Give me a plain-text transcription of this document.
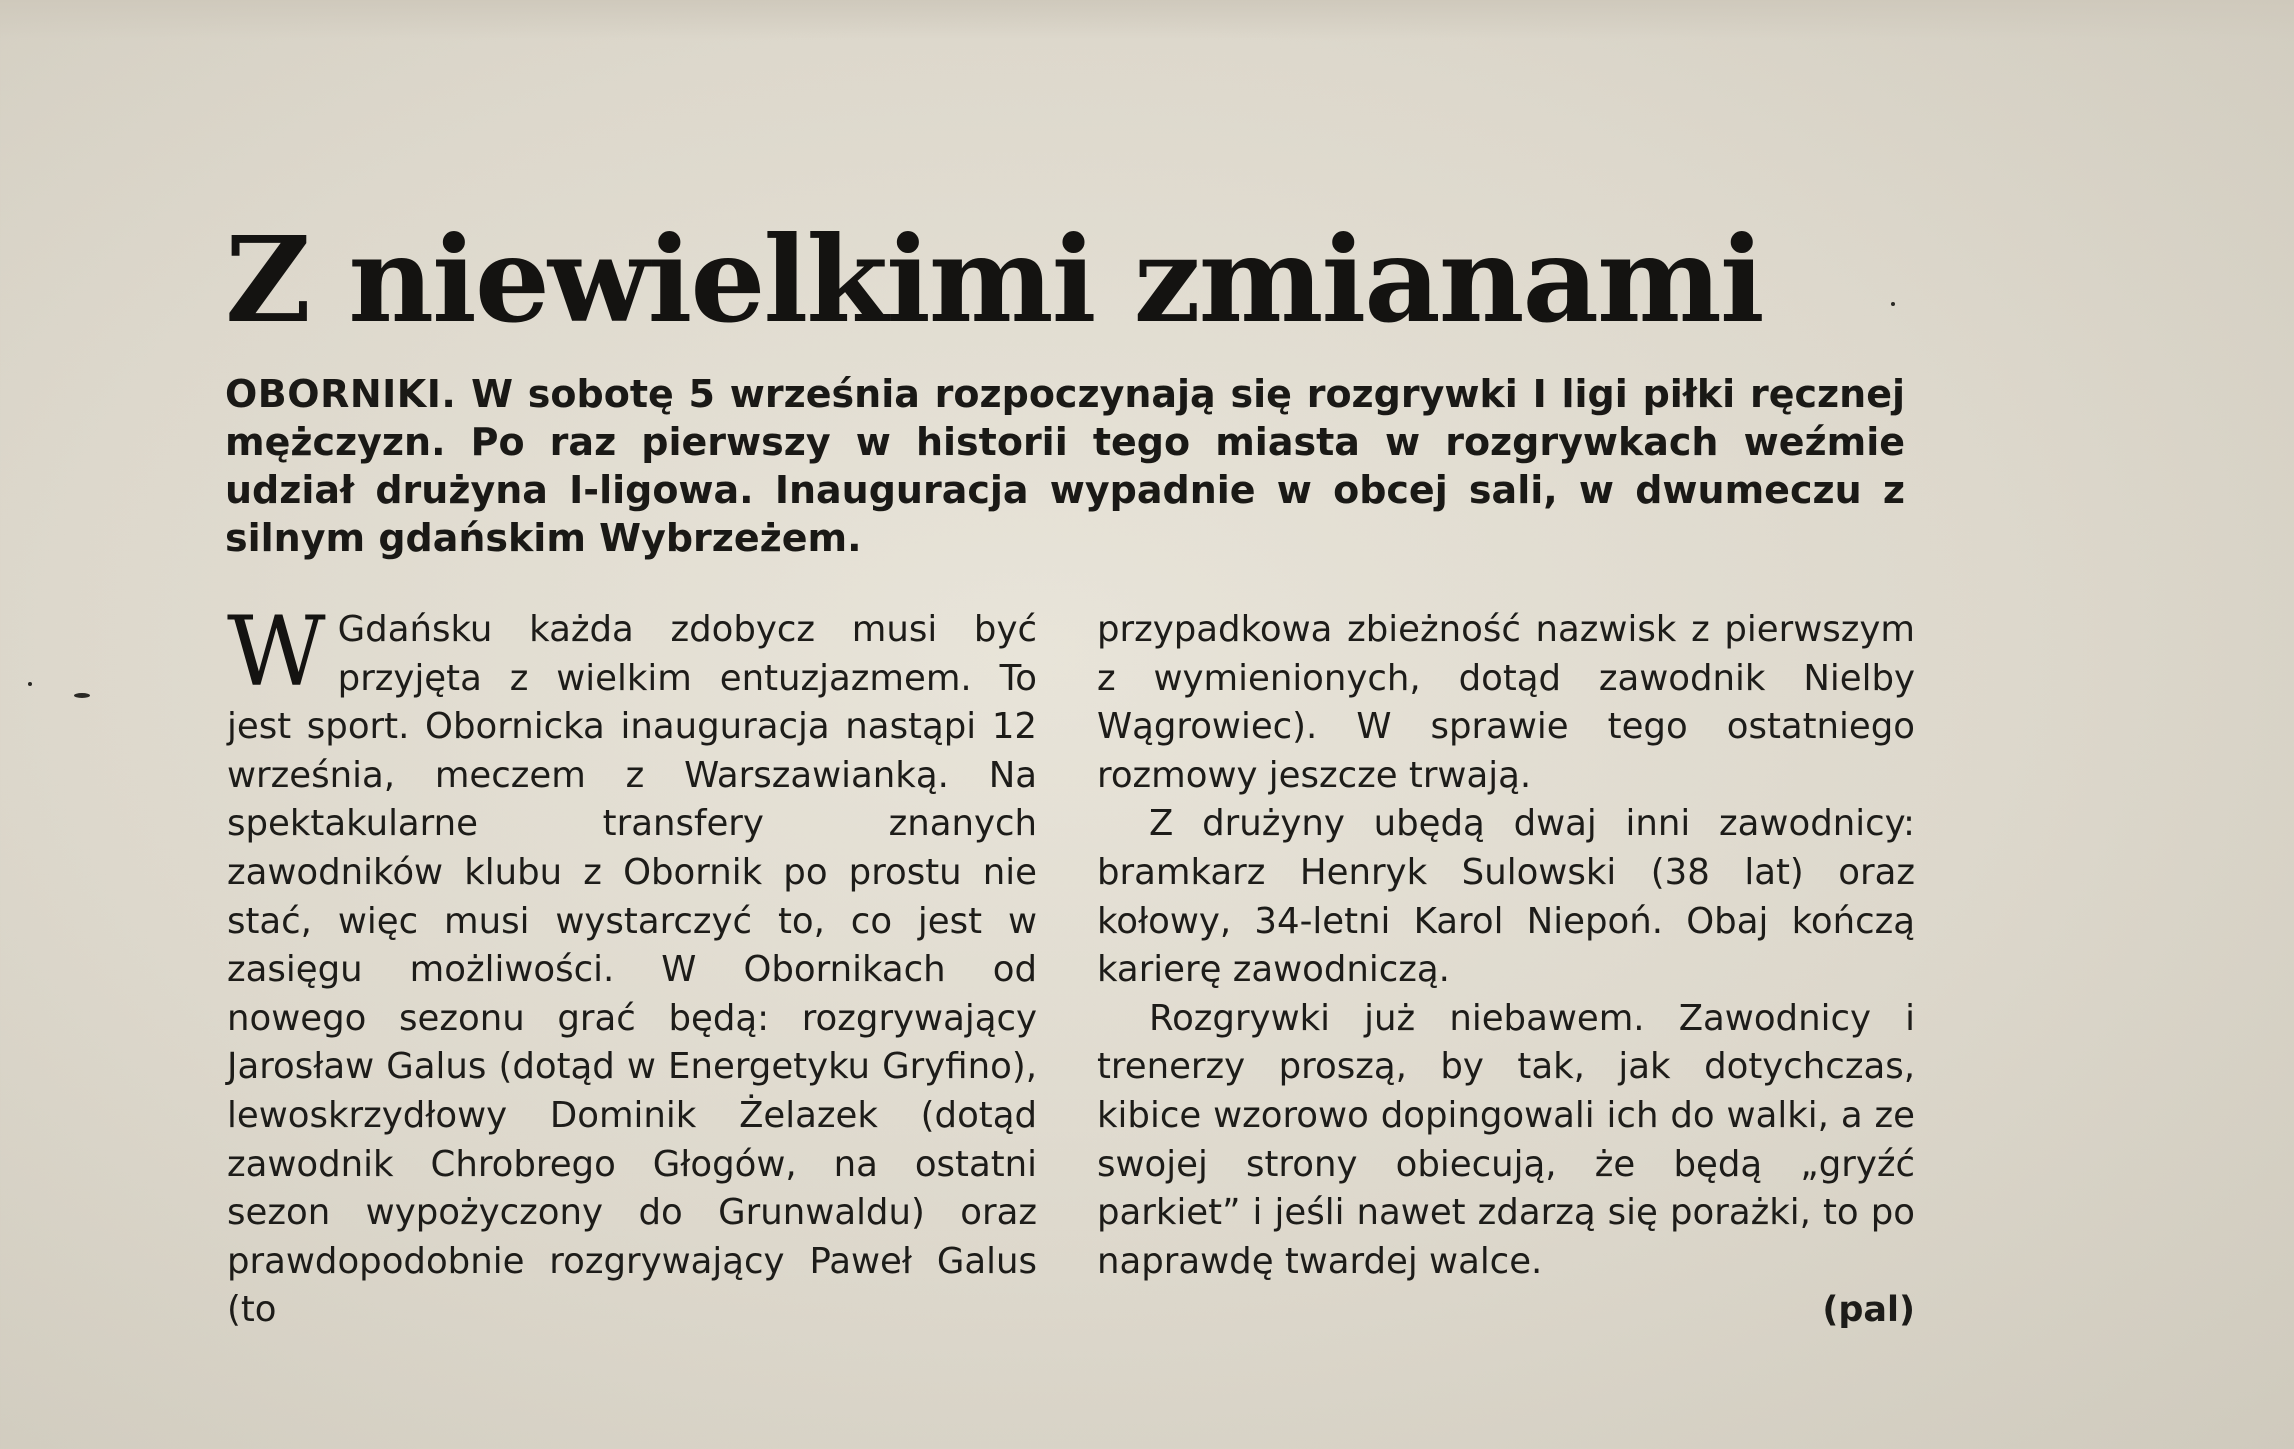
Z niewielkimi zmianami
OBORNIKI. W sobotę 5 września rozpoczynają się rozgrywki I ligi piłki ręcznej mężczyzn. Po raz pierwszy w historii tego miasta w rozgrywkach weźmie udział drużyna I-ligowa. Inauguracja wypadnie w obcej sali, w dwumeczu z silnym gdańskim Wybrzeżem.

W Gdańsku każda zdobycz musi być przyjęta z wielkim entuzjazmem. To jest sport. Obornicka inauguracja nastąpi 12 września, meczem z Warszawianką. Na spektakularne transfery znanych zawodników klubu z Obornik po prostu nie stać, więc musi wystarczyć to, co jest w zasięgu możliwości. W Obornikach od nowego sezonu grać będą: rozgrywający Jarosław Galus (dotąd w Energetyku Gryfino), lewoskrzydłowy Dominik Żelazek (dotąd zawodnik Chrobrego Głogów, na ostatni sezon wypożyczony do Grunwaldu) oraz prawdopodobnie rozgrywający Paweł Galus (to

przypadkowa zbieżność nazwisk z pierwszym z wymienionych, dotąd zawodnik Nielby Wągrowiec). W sprawie tego ostatniego rozmowy jeszcze trwają.

Z drużyny ubędą dwaj inni zawodnicy: bramkarz Henryk Sulowski (38 lat) oraz kołowy, 34-letni Karol Niepoń. Obaj kończą karierę zawodniczą.

Rozgrywki już niebawem. Zawodnicy i trenerzy proszą, by tak, jak dotychczas, kibice wzorowo dopingowali ich do walki, a ze swojej strony obiecują, że będą „gryźć parkiet” i jeśli nawet zdarzą się porażki, to po naprawdę twardej walce.

(pal)
